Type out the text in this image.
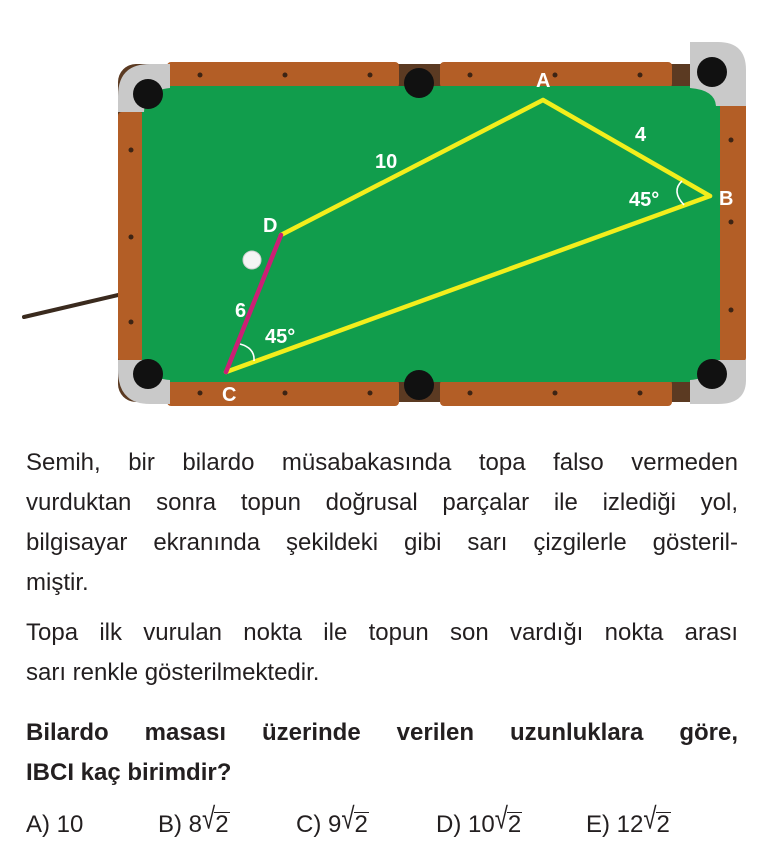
A
B
C
D
10
4
6
45°
45°
Semih, bir bilardo müsabakasında topa falso vermeden
vurduktan sonra topun doğrusal parçalar ile izlediği yol,
bilgisayar ekranında şekildeki gibi sarı çizgilerle gösteril-
miştir.
Topa ilk vurulan nokta ile topun son vardığı nokta arası
sarı renkle gösterilmektedir.
Bilardo masası üzerinde verilen uzunluklara göre,
IBCI kaç birimdir?
A) 10	B) 8√2	C) 9√2	D) 10√2	E) 12√2
